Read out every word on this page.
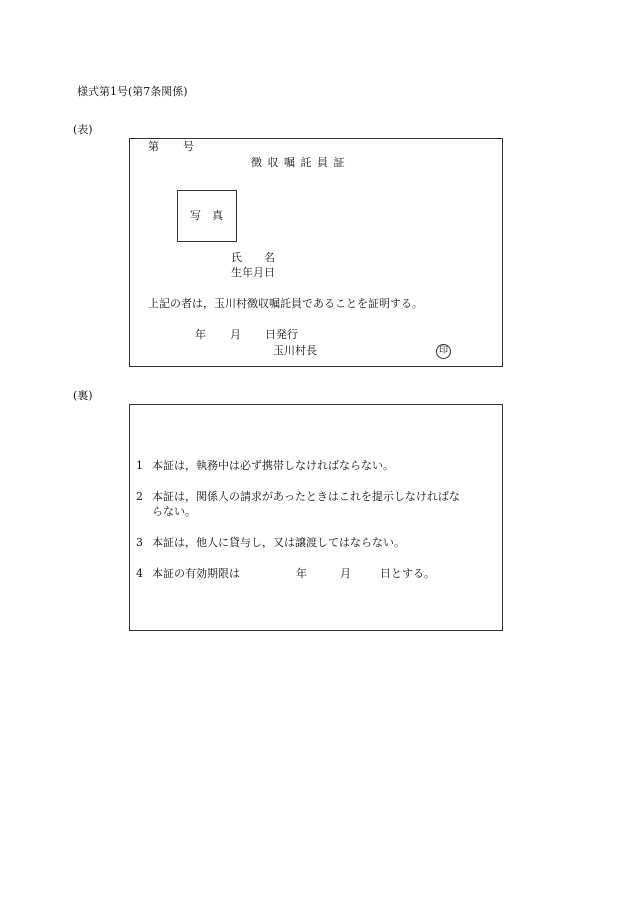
様式第1号(第7条関係)
(表)
第 号
徴 収 嘱 託 員 証
写　真
氏　　名
生年月日
上記の者は，玉川村徴収嘱託員であることを証明する。
年 月 日発行
玉川村長	印
(裏)
1 本証は，執務中は必ず携帯しなければならない。
2 本証は，関係人の請求があったときはこれを提示しなければな
らない。
3 本証は，他人に貸与し，又は譲渡してはならない。
4 本証の有効期限は	年	月	日とする。
